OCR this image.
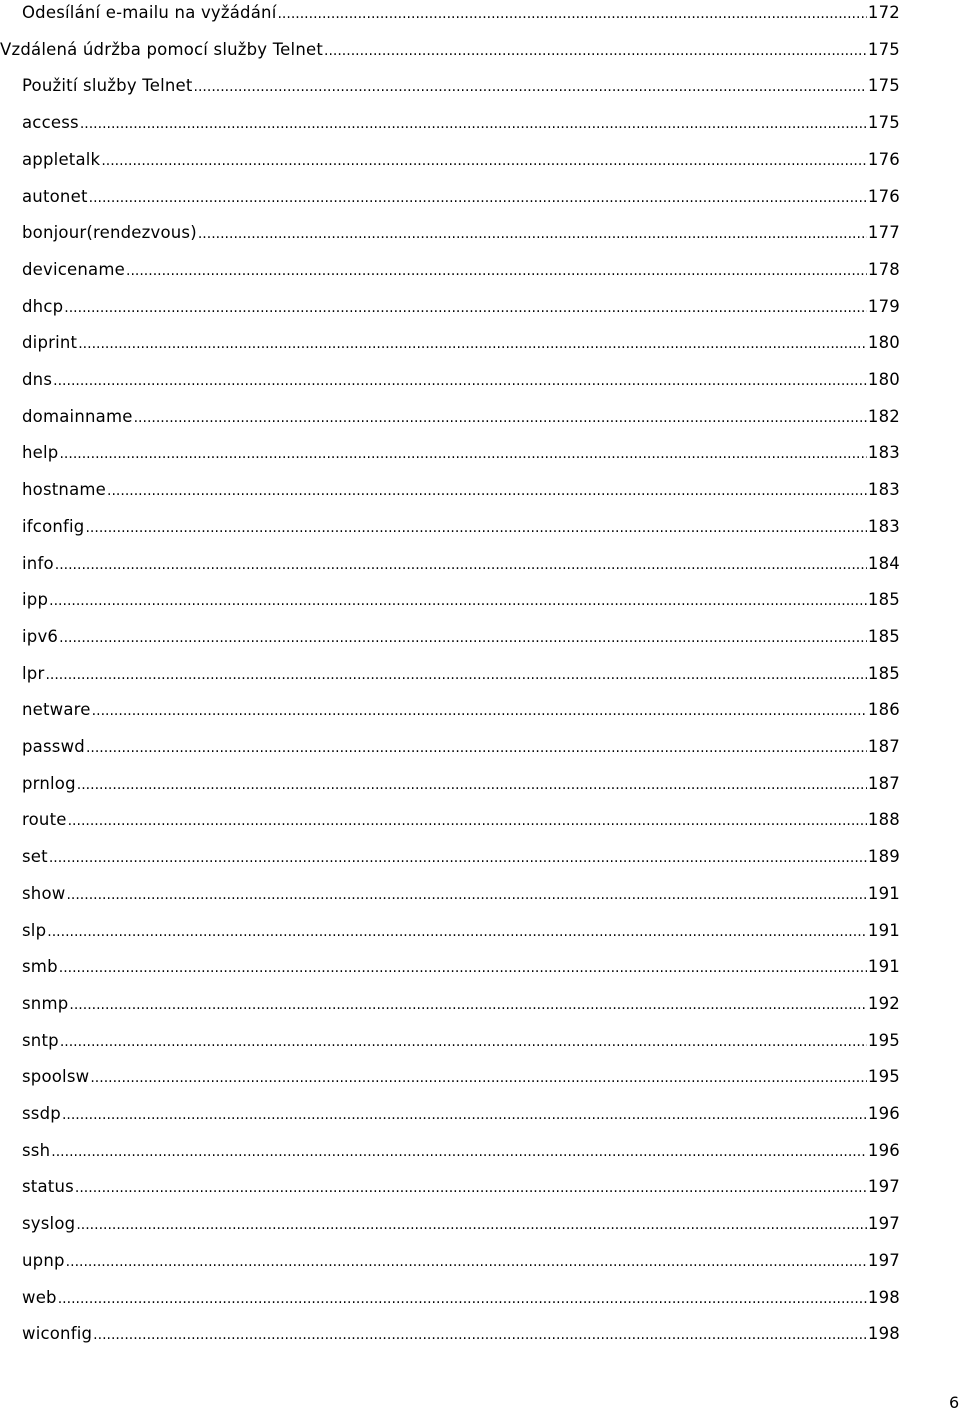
Odesílání e-mailu na vyžádání .....	172
Vzdálená údržba pomocí služby Telnet .....	175
Použití služby Telnet .....	175
access .....	175
appletalk .....	176
autonet .....	176
bonjour(rendezvous) .....	177
devicename .....	178
dhcp .....	179
diprint .....	180
dns .....	180
domainname .....	182
help .....	183
hostname .....	183
ifconfig .....	183
info .....	184
ipp .....	185
ipv6 .....	185
lpr .....	185
netware .....	186
passwd .....	187
prnlog .....	187
route .....	188
set .....	189
show .....	191
slp .....	191
smb .....	191
snmp .....	192
sntp .....	195
spoolsw .....	195
ssdp .....	196
ssh .....	196
status .....	197
syslog .....	197
upnp .....	197
web .....	198
wiconfig .....	198
6
